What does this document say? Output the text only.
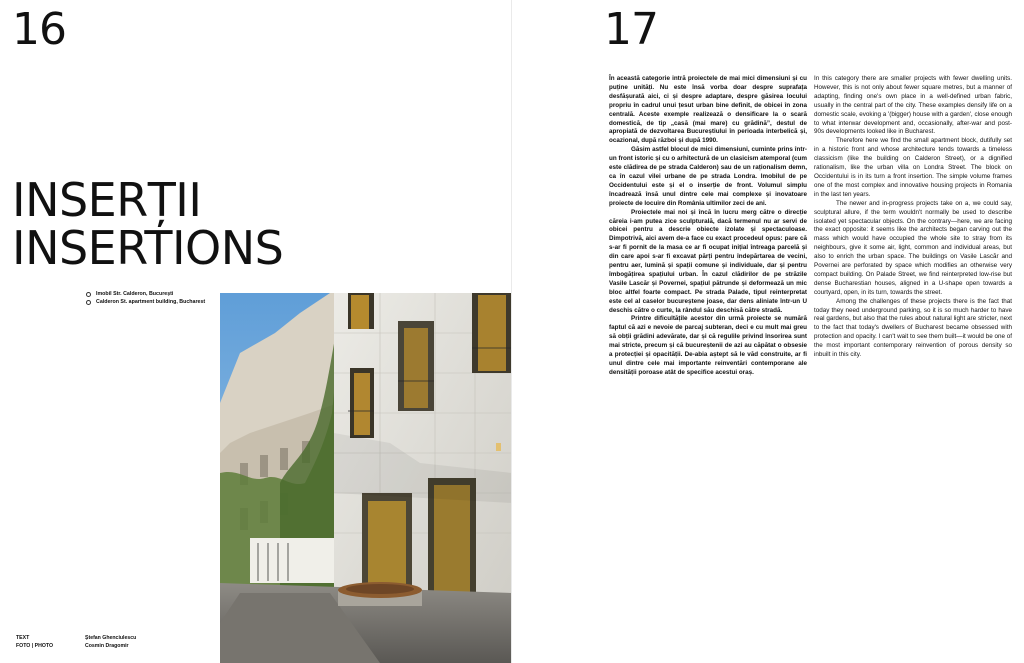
16
INSERȚII
INSERTIONS
Imobil Str. Calderon, București
Calderon St. apartment building, Bucharest
TEXT	Ștefan Ghenciulescu
FOTO | PHOTO	Cosmin Dragomir
17

În această categorie intră proiectele de mai mici dimensiuni și cu puține unități. Nu este însă vorba doar despre suprafața desfășurată aici, ci și despre adaptare, despre găsirea locului propriu în cadrul unui țesut urban bine definit, de obicei în zona centrală. Aceste exemple realizează o densificare la o scară domestică, de tip „casă (mai mare) cu grădină”, destul de apropiată de dezvoltarea Bucureștiului în perioada interbelică și, ocazional, după război și după 1990.

Găsim astfel blocul de mici dimensiuni, cuminte prins într-un front istoric și cu o arhitectură de un clasicism atemporal (cum este clădirea de pe strada Calderon) sau de un raționalism demn, ca în cazul vilei urbane de pe strada Londra. Imobilul de pe Occidentului este și el o inserție de front. Volumul simplu încadrează însă unul dintre cele mai complexe și inovatoare proiecte de locuire din România ultimilor zeci de ani.

Proiectele mai noi și încă în lucru merg către o direcție căreia i-am putea zice sculpturală, dacă termenul nu ar servi de obicei pentru a descrie obiecte izolate și spectaculoase. Dimpotrivă, aici avem de-a face cu exact procedeul opus: pare că s-ar fi pornit de la masa ce ar fi ocupat inițial întreaga parcelă și din care apoi s-ar fi excavat părți pentru îndepărtarea de vecini, pentru aer, lumină și spații comune și individuale, dar și pentru îmbogățirea spațiului urban. În cazul clădirilor de pe străzile Vasile Lascăr și Povernei, spațiul pătrunde și deformează un mic bloc altfel foarte compact. Pe strada Palade, tipul reinterpretat este cel al caselor bucureștene joase, dar dens aliniate într-un U deschis către o curte, la rândul său deschisă către stradă.

Printre dificultățile acestor din urmă proiecte se numără faptul că azi e nevoie de parcaj subteran, deci e cu mult mai greu să obții grădini adevărate, dar și că regulile privind însorirea sunt mai stricte, precum și că bucureștenii de azi au căpătat o obsesie a protecției și opacității. De-abia aștept să le văd construite, ar fi unul dintre cele mai importante reinventări contemporane ale densității poroase atât de specifice acestui oraș.

In this category there are smaller projects with fewer dwelling units. However, this is not only about fewer square metres, but a manner of adapting, finding one's own place in a well-defined urban fabric, usually in the central part of the city. These examples densify life on a domestic scale, evoking a '(bigger) house with a garden', close enough to what interwar development and, occasionally, after-war and post-90s developments looked like in Bucharest.

Therefore here we find the small apartment block, dutifully set in a historic front and whose architecture tends towards a timeless classicism (like the building on Calderon Street), or a dignified rationalism, like the urban villa on Londra Street. The block on Occidentului is in its turn a front insertion. The simple volume frames one of the most complex and innovative housing projects in Romania in the last ten years.

The newer and in-progress projects take on a, we could say, sculptural allure, if the term wouldn't normally be used to describe isolated yet spectacular objects. On the contrary—here, we are facing the exact opposite: it seems like the architects began carving out the mass which would have occupied the whole site to stray from its neighbours, give it some air, light, common and individual areas, but also to enrich the urban space. The buildings on Vasile Lascăr and Povernei are perforated by space which modifies an otherwise very compact building. On Palade Street, we find reinterpreted low-rise but dense Bucharestian houses, aligned in a U-shape open towards a courtyard, open, in its turn, towards the street.

Among the challenges of these projects there is the fact that today they need underground parking, so it is so much harder to have real gardens, but also that the rules about natural light are stricter, next to the fact that today's dwellers of Bucharest became obsessed with protection and opacity. I can't wait to see them built—it would be one of the most important contemporary reinvention of porous density so inbuilt in this city.
